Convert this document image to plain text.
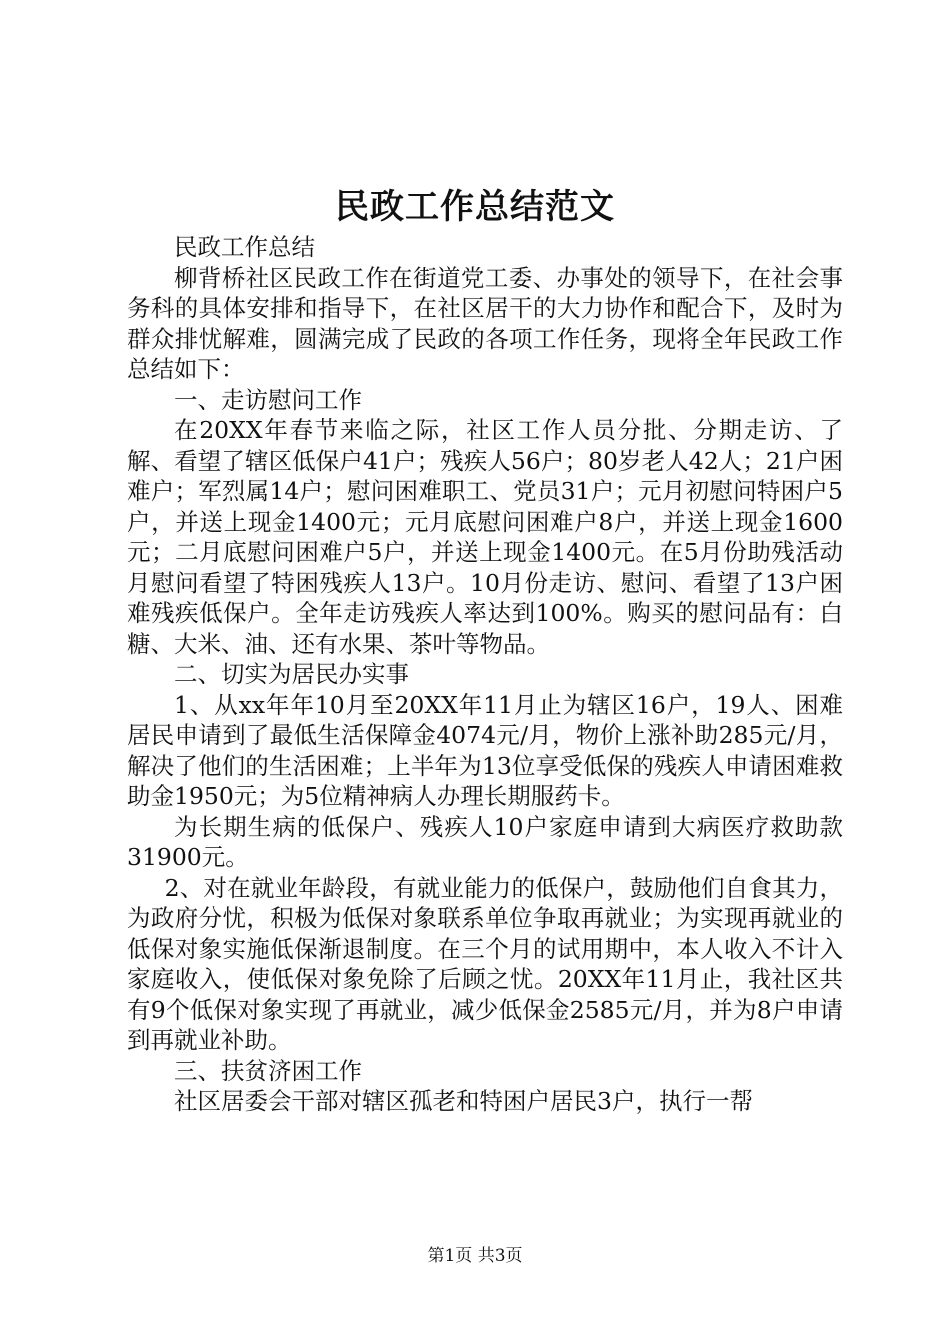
民政工作总结范文

民政工作总结

柳背桥社区民政工作在街道党工委、办事处的领导下，在社会事务科的具体安排和指导下，在社区居干的大力协作和配合下，及时为群众排忧解难，圆满完成了民政的各项工作任务，现将全年民政工作总结如下：

一、走访慰问工作

在20XX年春节来临之际，社区工作人员分批、分期走访、了解、看望了辖区低保户41户；残疾人56户；80岁老人42人；21户困难户；军烈属14户；慰问困难职工、党员31户；元月初慰问特困户5户，并送上现金1400元；元月底慰问困难户8户，并送上现金1600元；二月底慰问困难户5户，并送上现金1400元。在5月份助残活动月慰问看望了特困残疾人13户。10月份走访、慰问、看望了13户困难残疾低保户。全年走访残疾人率达到100%。购买的慰问品有：白糖、大米、油、还有水果、茶叶等物品。

二、切实为居民办实事

1、从xx年年10月至20XX年11月止为辖区16户，19人、困难居民申请到了最低生活保障金4074元/月，物价上涨补助285元/月，解决了他们的生活困难；上半年为13位享受低保的残疾人申请困难救助金1950元；为5位精神病人办理长期服药卡。

为长期生病的低保户、残疾人10户家庭申请到大病医疗救助款31900元。

2、对在就业年龄段，有就业能力的低保户，鼓励他们自食其力，为政府分忧，积极为低保对象联系单位争取再就业；为实现再就业的低保对象实施低保渐退制度。在三个月的试用期中，本人收入不计入家庭收入，使低保对象免除了后顾之忧。20XX年11月止，我社区共有9个低保对象实现了再就业，减少低保金2585元/月，并为8户申请到再就业补助。

三、扶贫济困工作

社区居委会干部对辖区孤老和特困户居民3户，执行一帮

第1页 共3页
